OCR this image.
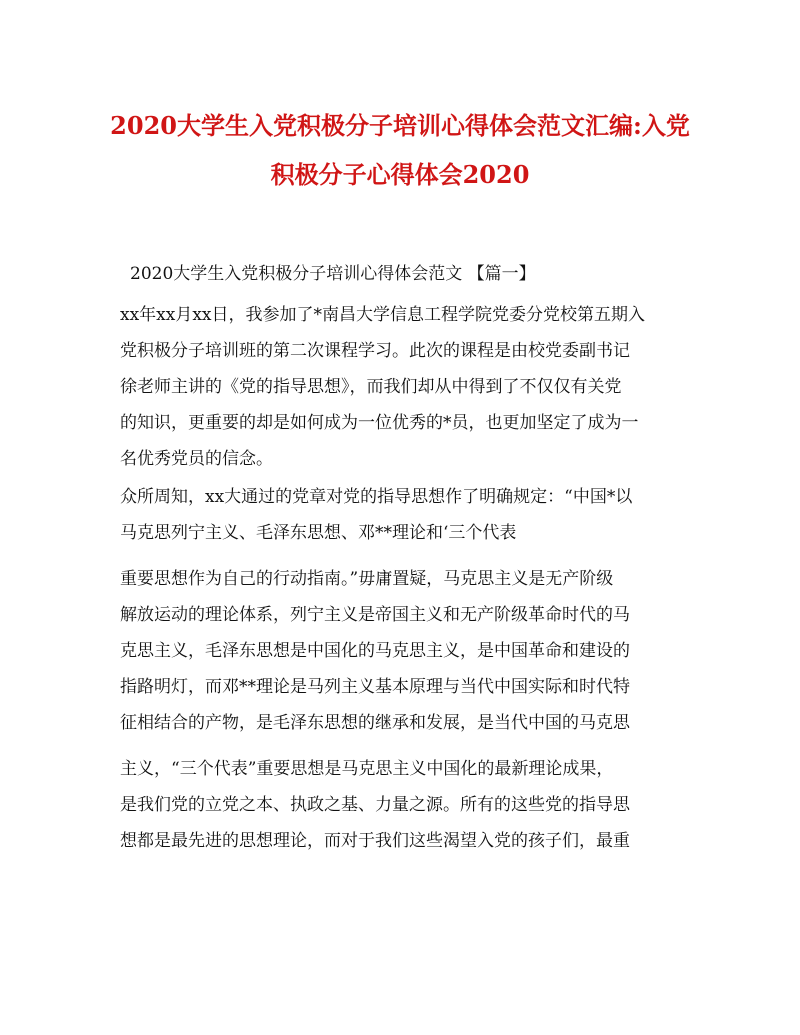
2020大学生入党积极分子培训心得体会范文汇编:入党
积极分子心得体会2020

2020大学生入党积极分子培训心得体会范文 【篇一】

xx年xx月xx日，我参加了*南昌大学信息工程学院党委分党校第五期入

党积极分子培训班的第二次课程学习。此次的课程是由校党委副书记

徐老师主讲的《党的指导思想》，而我们却从中得到了不仅仅有关党

的知识，更重要的却是如何成为一位优秀的*员，也更加坚定了成为一

名优秀党员的信念。

众所周知，xx大通过的党章对党的指导思想作了明确规定：“中国*以

马克思列宁主义、毛泽东思想、邓**理论和‘三个代表

重要思想作为自己的行动指南。”毋庸置疑，马克思主义是无产阶级

解放运动的理论体系，列宁主义是帝国主义和无产阶级革命时代的马

克思主义，毛泽东思想是中国化的马克思主义，是中国革命和建设的

指路明灯，而邓**理论是马列主义基本原理与当代中国实际和时代特

征相结合的产物，是毛泽东思想的继承和发展，是当代中国的马克思

主义，“三个代表”重要思想是马克思主义中国化的最新理论成果，

是我们党的立党之本、执政之基、力量之源。所有的这些党的指导思

想都是最先进的思想理论，而对于我们这些渴望入党的孩子们，最重
